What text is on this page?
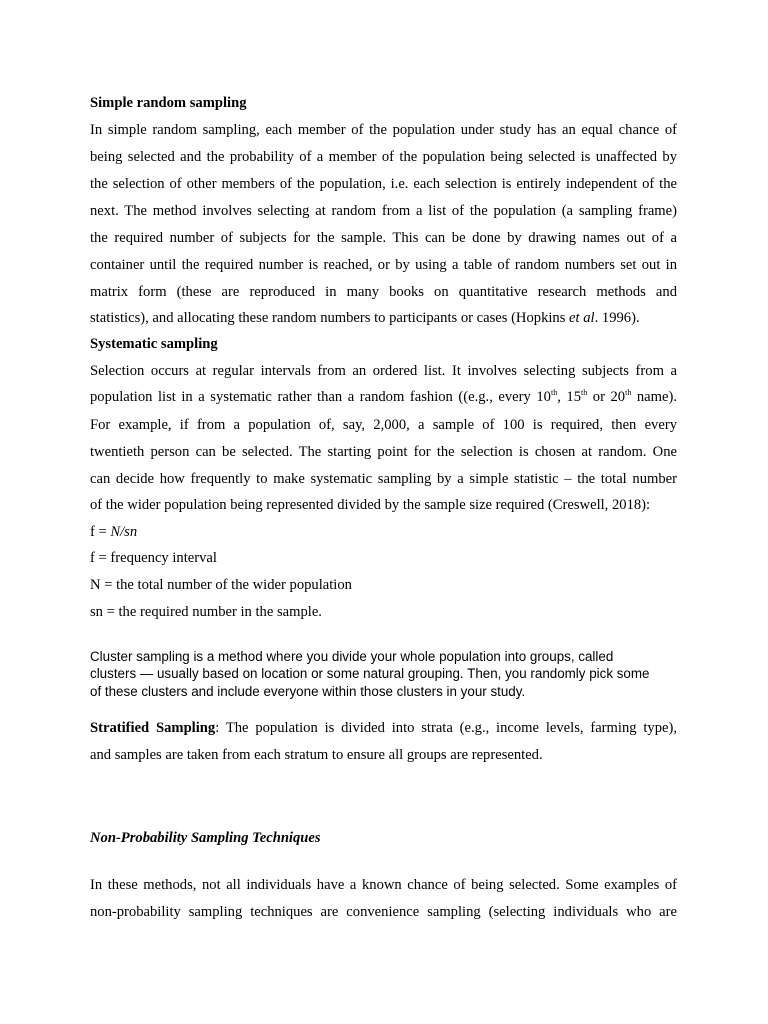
Simple random sampling
In simple random sampling, each member of the population under study has an equal chance of
being selected and the probability of a member of the population being selected is unaffected by
the selection of other members of the population, i.e. each selection is entirely independent of the
next. The method involves selecting at random from a list of the population (a sampling frame)
the required number of subjects for the sample. This can be done by drawing names out of a
container until the required number is reached, or by using a table of random numbers set out in
matrix form (these are reproduced in many books on quantitative research methods and
statistics), and allocating these random numbers to participants or cases (Hopkins et al. 1996).
Systematic sampling
Selection occurs at regular intervals from an ordered list. It involves selecting subjects from a
population list in a systematic rather than a random fashion ((e.g., every 10th, 15th or 20th name).
For example, if from a population of, say, 2,000, a sample of 100 is required, then every
twentieth person can be selected. The starting point for the selection is chosen at random. One
can decide how frequently to make systematic sampling by a simple statistic – the total number
of the wider population being represented divided by the sample size required (Creswell, 2018):
f = N/sn
f = frequency interval
N = the total number of the wider population
sn = the required number in the sample.
Cluster sampling is a method where you divide your whole population into groups, called
clusters — usually based on location or some natural grouping. Then, you randomly pick some
of these clusters and include everyone within those clusters in your study.
Stratified Sampling: The population is divided into strata (e.g., income levels, farming type),
and samples are taken from each stratum to ensure all groups are represented.
Non-Probability Sampling Techniques
In these methods, not all individuals have a known chance of being selected. Some examples of
non-probability sampling techniques are convenience sampling (selecting individuals who are
